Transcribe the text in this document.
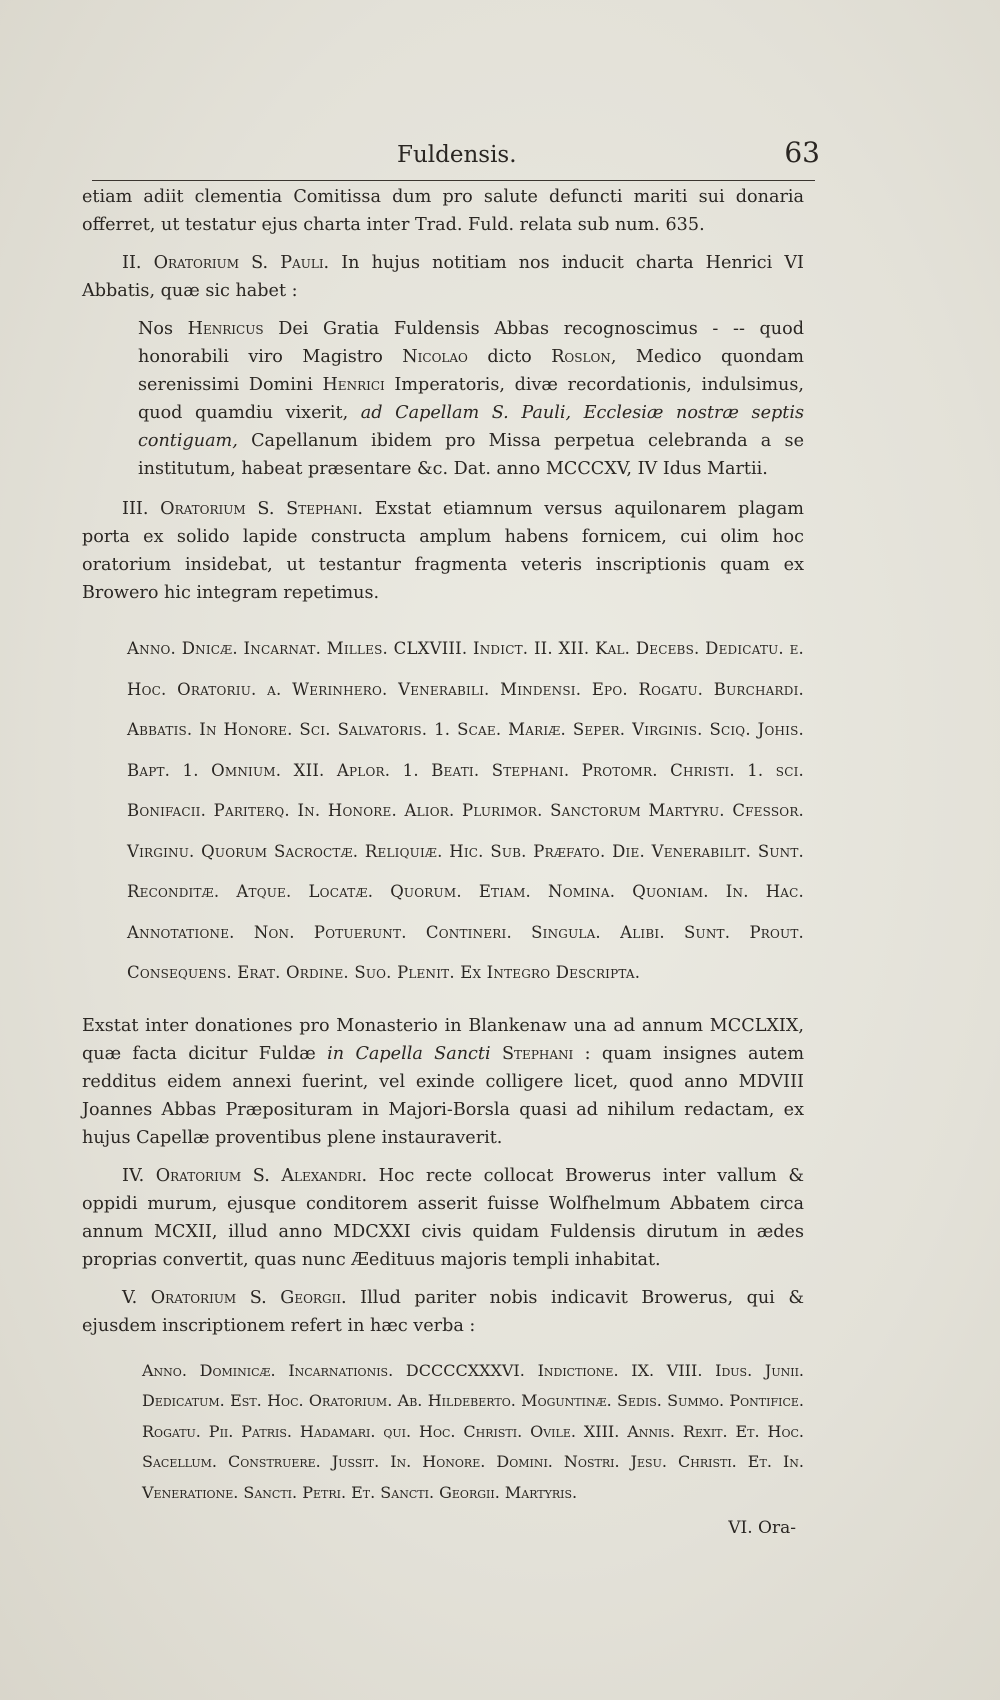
Fuldensis.	63

etiam adiit clementia Comitissa dum pro salute defuncti mariti sui donaria offerret, ut testatur ejus charta inter Trad. Fuld. relata sub num. 635.

II. Oratorium S. Pauli. In hujus notitiam nos inducit charta Henrici VI Abbatis, quæ sic habet :

Nos Henricus Dei Gratia Fuldensis Abbas recognoscimus - -- quod honorabili viro Magistro Nicolao dicto Roslon, Medico quondam serenissimi Domini Henrici Imperatoris, divæ recordationis, indulsimus, quod quamdiu vixerit, ad Capellam S. Pauli, Ecclesiæ nostræ septis contiguam, Capellanum ibidem pro Missa perpetua celebranda a se institutum, habeat præsentare &c. Dat. anno MCCCXV, IV Idus Martii.

III. Oratorium S. Stephani. Exstat etiamnum versus aquilonarem plagam porta ex solido lapide constructa amplum habens fornicem, cui olim hoc oratorium insidebat, ut testantur fragmenta veteris inscriptionis quam ex Browero hic integram repetimus.

Anno. Dnicæ. Incarnat. Milles. CLXVIII. Indict. II. XII. Kal. Decebs. Dedicatu. e. Hoc. Oratoriu. a. Werinhero. Venerabili. Mindensi. Epo. Rogatu. Burchardi. Abbatis. In Honore. Sci. Salvatoris. 1. Scae. Mariæ. Seper. Virginis. Sciq. Johis. Bapt. 1. Omnium. XII. Aplor. 1. Beati. Stephani. Protomr. Christi. 1. sci. Bonifacii. Pariterq. In. Honore. Alior. Plurimor. Sanctorum Martyru. Cfessor. Virginu. Quorum Sacroctæ. Reliquiæ. Hic. Sub. Præfato. Die. Venerabilit. Sunt. Reconditæ. Atque. Locatæ. Quorum. Etiam. Nomina. Quoniam. In. Hac. Annotatione. Non. Potuerunt. Contineri. Singula. Alibi. Sunt. Prout. Consequens. Erat. Ordine. Suo. Plenit. Ex Integro Descripta.

Exstat inter donationes pro Monasterio in Blankenaw una ad annum MCCLXIX, quæ facta dicitur Fuldæ in Capella Sancti Stephani : quam insignes autem redditus eidem annexi fuerint, vel exinde colligere licet, quod anno MDVIII Joannes Abbas Præposituram in Majori-Borsla quasi ad nihilum redactam, ex hujus Capellæ proventibus plene instauraverit.

IV. Oratorium S. Alexandri. Hoc recte collocat Browerus inter vallum & oppidi murum, ejusque conditorem asserit fuisse Wolfhelmum Abbatem circa annum MCXII, illud anno MDCXXI civis quidam Fuldensis dirutum in ædes proprias convertit, quas nunc Æedituus majoris templi inhabitat.

V. Oratorium S. Georgii. Illud pariter nobis indicavit Browerus, qui & ejusdem inscriptionem refert in hæc verba :

Anno. Dominicæ. Incarnationis. DCCCCXXXVI. Indictione. IX. VIII. Idus. Junii. Dedicatum. Est. Hoc. Oratorium. Ab. Hildeberto. Moguntinæ. Sedis. Summo. Pontifice. Rogatu. Pii. Patris. Hadamari. qui. Hoc. Christi. Ovile. XIII. Annis. Rexit. Et. Hoc. Sacellum. Construere. Jussit. In. Honore. Domini. Nostri. Jesu. Christi. Et. In. Veneratione. Sancti. Petri. Et. Sancti. Georgii. Martyris.

VI. Ora-
